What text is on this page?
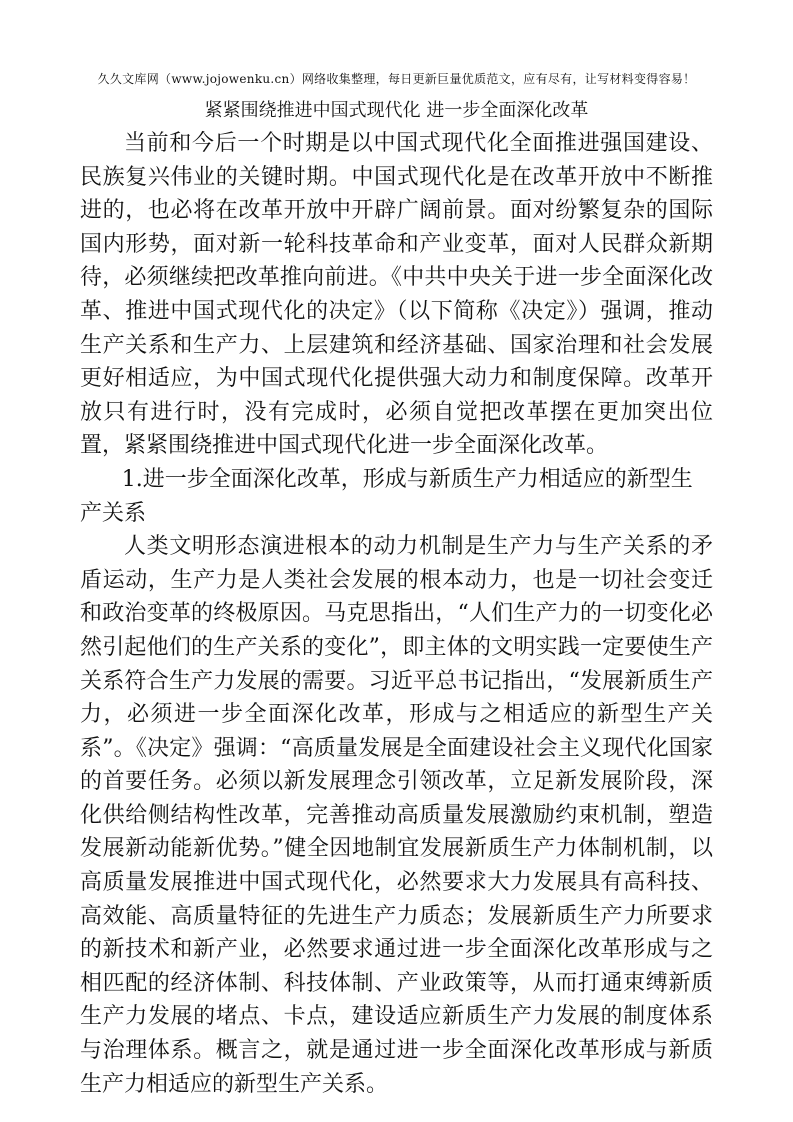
久久文库网（www.jojowenku.cn）网络收集整理，每日更新巨量优质范文，应有尽有，让写材料变得容易！
紧紧围绕推进中国式现代化 进一步全面深化改革

当前和今后一个时期是以中国式现代化全面推进强国建设、民族复兴伟业的关键时期。中国式现代化是在改革开放中不断推进的，也必将在改革开放中开辟广阔前景。面对纷繁复杂的国际国内形势，面对新一轮科技革命和产业变革，面对人民群众新期待，必须继续把改革推向前进。《中共中央关于进一步全面深化改革、推进中国式现代化的决定》（以下简称《决定》）强调，推动生产关系和生产力、上层建筑和经济基础、国家治理和社会发展更好相适应，为中国式现代化提供强大动力和制度保障。改革开放只有进行时，没有完成时，必须自觉把改革摆在更加突出位置，紧紧围绕推进中国式现代化进一步全面深化改革。

1.进一步全面深化改革，形成与新质生产力相适应的新型生产关系

人类文明形态演进根本的动力机制是生产力与生产关系的矛盾运动，生产力是人类社会发展的根本动力，也是一切社会变迁和政治变革的终极原因。马克思指出，“人们生产力的一切变化必然引起他们的生产关系的变化”，即主体的文明实践一定要使生产关系符合生产力发展的需要。习近平总书记指出，“发展新质生产力，必须进一步全面深化改革，形成与之相适应的新型生产关系”。《决定》强调：“高质量发展是全面建设社会主义现代化国家的首要任务。必须以新发展理念引领改革，立足新发展阶段，深化供给侧结构性改革，完善推动高质量发展激励约束机制，塑造发展新动能新优势。”健全因地制宜发展新质生产力体制机制，以高质量发展推进中国式现代化，必然要求大力发展具有高科技、高效能、高质量特征的先进生产力质态；发展新质生产力所要求的新技术和新产业，必然要求通过进一步全面深化改革形成与之相匹配的经济体制、科技体制、产业政策等，从而打通束缚新质生产力发展的堵点、卡点，建设适应新质生产力发展的制度体系与治理体系。概言之，就是通过进一步全面深化改革形成与新质生产力相适应的新型生产关系。
